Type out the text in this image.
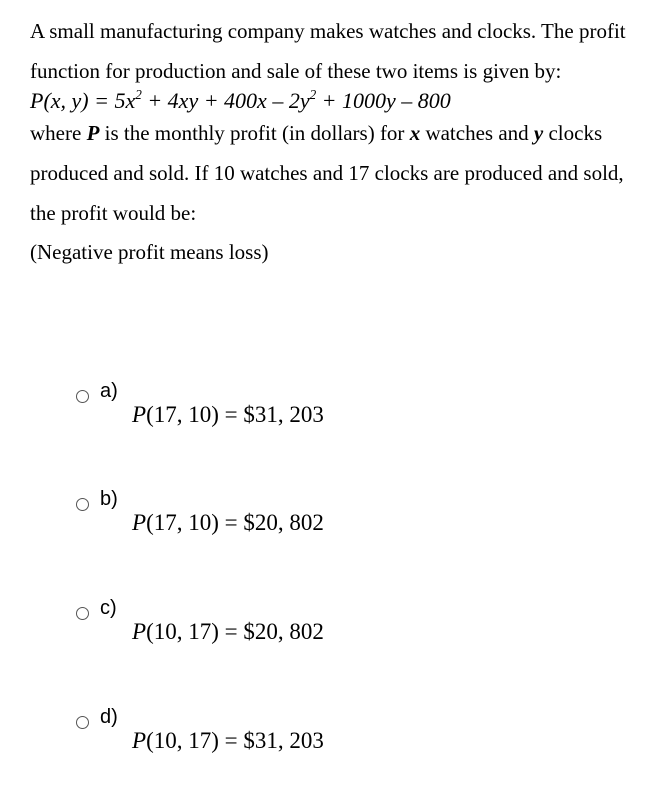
A small manufacturing company makes watches and clocks. The profit function for production and sale of these two items is given by:

P(x, $y) = 5x^2 + 4xy + 400x - 2y^2 + 1000y - 800$

where P is the monthly profit (in dollars) for x watches and y clocks produced and sold. If 10 watches and 17 clocks are produced and sold, the profit would be:

(Negative profit means loss)

a)
P(17, 10) = $31, 203
b)
P(17, 10) = $20, 802
c)
P(10, 17) = $20, 802
d)
P(10, 17) = $31, 203
